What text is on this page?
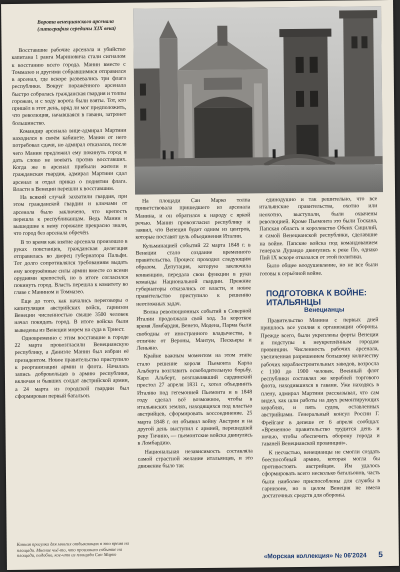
Ворота венецианского арсенала (литография середины XIX века)

Восставшие рабочие арсенала и убийство капитана 1 ранга Мариновича стали сигналом к восстанию всего города. Манин вместе с Томмазео и другими собравшимися отправился в арсенал, где вскоре развевались три флага республики. Вокруг поражённого арсенала быстро собралась гражданская гвардия и толпы горожан, и с ходу ворота были взяты. Тот, кто пришёл в этот день, вряд ли мог предположить, что революция, начавшаяся в гавани, затронет большинство.

Командир арсенала вице-адмирал Мартини находился в своём кабинете. Манин от него потребовал сдачи, но адмирал отказался, после чего Манин предложил ему покинуть город и дать слово не воевать против восставших. Когда же в арсенал прибыли жители и гражданская гвардия, адмирал Мартини сдал арсенал и отдал приказ о поднятии флага. Власти в Венеции перешли к восставшим.

На всякий случай захватили гвардия, при этом гражданской гвардии и ключами от арсенала было заключено, что крепость перешла к республиканцам. Ведь Манин и вышедшие к нему горожане прекрасно знали, что город без арсенала обречён.

В то время как взятие арсенала произошло в руках повстанцев, гражданская делегация отправилась во дворец губернатора Пальфи. Тот долго сопротивлялся требованиям выдать ему вооружённые силы армии вместе со всеми орудиями крепостей, но в итоге согласился покинуть город. Власть перешла к комитету во главе с Манином и Томмазео.

Еще до того, как начались переговоры о капитуляции австрийских войск, гарнизон Венеции численностью свыше 3500 человек начал покидать город. В итоге войска были выведены из Венеции морем на суда в Триест.

Одновременно с этим восставшие в городе 22 марта провозгласили Венецианскую республику, а Даниэле Манин был избран её президентом. Новое правительство приступило к реорганизации армии и флота. Началась запись добровольцев в армию республики, включая и бывших солдат австрийской армии, а 24 марта из городской гвардии был сформирован первый батальон.

На площади Сан Марко толпа приветствовала пришедшего из арсенала Манина, и он обратился к народу с яркой речью. Манин провозгласил республику и заявил, что Венеция будет одним из центров, которые поставят цель объединения Италии.

Кульминацией событий 22 марта 1848 г. в Венеции стало создание временного правительства. Процесс проходил следующим образом. Депутация, которую заключила конвенцию, передала свои функции в руки команды Национальной гвардии. Прежние губернаторы отказались от власти, и новое правительство приступило к решению неотложных задач.

Волна революционных событий в Северной Италии продолжала свой ход. За короткое время Ломбардия, Венето, Модена, Парма были свободны от иностранного владычества, в отличие от Вероны, Мантуи, Пескьеры и Леньяно.

Крайне важным моментом на этом этапе стало решение короля Пьемонта Карла Альберта возглавить освободительную борьбу. Карл Альберт, возглавлявший сардинский престол 27 апреля 1831 г., хотел объединить Италию под гегемонией Пьемонта и в 1848 году сделал всё возможное, чтобы в итальянских землях, находящихся под властью австрийцев, сформировать воссоединение. 25 марта 1848 г. он объявил войну Австрии и на другой день выступил с армией, перешедшей реку Тичино, — пьемонтские войска двинулись в Ломбардию.

Национальная независимость составляла самой страстной желание итальянцев, и это движение было так

единодушно и так решительно, что все итальянские правительства, охотно или неохотно, выступали, были охвачены революцией. Кроме Пьемонта это были Тоскана, Папская область и королевство Обеих Сицилий, и самой Венецианской республики, сделавшие на войне. Папские войска под командованием генерала Дурандо двинулись к реке По, однако Пий IX вскоре отказался от этой политики.

Было общее воодушевление, но не все были готовы к серьёзной войне.

ПОДГОТОВКА К ВОЙНЕ: ИТАЛЬЯНЦЫ
Венецианцы

Правительство Манина с первых дней пришлось все усилия к организации обороны. Прежде всего, были укреплены форты Венеции и подступы к неукреплённым городам провинции. Численность рабочих арсенала, увеличенная разрешением большому количеству рабочих кораблестроительных заводов, возросла с 1100 до 1900 человек. Военный флот республики составлял же кораблей торгового флота, находившихся в гавани. Уже находясь в плену, адмирал Мартини рассказывал, что сам видел, как шли работы на двух ремонтирующих кораблях, и пять судов, оставленных австрийцами. Генеральный консул России Г. Фрейганг в депеше от 6 апреля сообщал: «Временное правительство трудится день и ночью, чтобы обеспечить оборону города и гаваней Венецианской провинции».

К несчастью, венецианцы не смогли создать боеспособный армию, которая могла бы противостоять австрийцам. Им удалось сформировать всего несколько батальонов, часть были наиболее приспособлены для службы в гарнизоне, но в целом Венеция не имела достаточных средств для обороны.

Конная прогулка для многих отдыхающих в это время на площади. Мнение чьё-то, что произошло событие на площади, подобно, кое-что из площади Сан Марко	«Морская коллекция» № 06'2024 5
